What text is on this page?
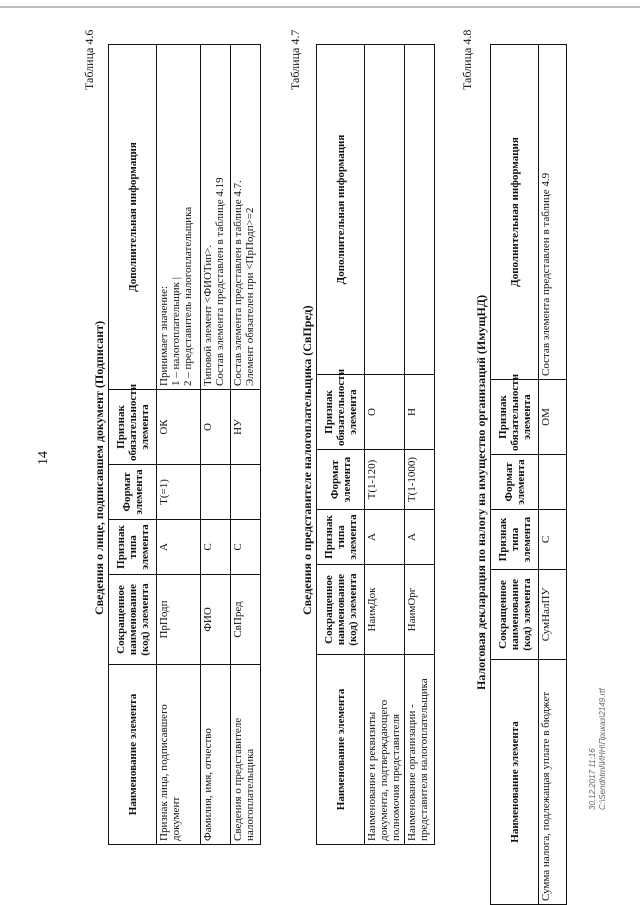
14
Таблица 4.6
Сведения о лице, подписавшем документ (Подписант)
Наименование элемента	Сокращенное наименование (код) элемента	Признак типа элемента	Формат элемента	Признак обязательности элемента	Дополнительная информация
Признак лица, подписавшего документ	ПрПодп	А	Т(=1)	ОК	Принимает значение: 1 – налогоплательщик | 2 – представитель налогоплательщика

Фамилия, имя, отчество	ФИО	С		О	Типовой элемент <ФИОТип>. Состав элемента представлен в таблице 4.19

Сведения о представителе налогоплательщика	СвПред	С		НУ	Состав элемента представлен в таблице 4.7. Элемент обязателен при <ПрПодп>=2
Таблица 4.7
Сведения о представителе налогоплательщика (СвПред)
Наименование элемента	Сокращенное наименование (код) элемента	Признак типа элемента	Формат элемента	Признак обязательности элемента	Дополнительная информация
Наименование и реквизиты документа, подтверждающего полномочия представителя	НаимДок	А	Т(1-120)	О	
Наименование организации - представителя налогоплательщика	НаимОрг	А	Т(1-1000)	Н	
Таблица 4.8
Налоговая декларация по налогу на имущество организаций (ИмущНД)
Наименование элемента	Сокращенное наименование (код) элемента	Признак типа элемента	Формат элемента	Признак обязательности элемента	Дополнительная информация
Сумма налога, подлежащая уплате в бюджет	СумНалПУ	С		ОМ	Состав элемента представлен в таблице 4.9
30.12.2017 11:16 C:\Sendhtml\ИНН\Приказ\2149.rtf
